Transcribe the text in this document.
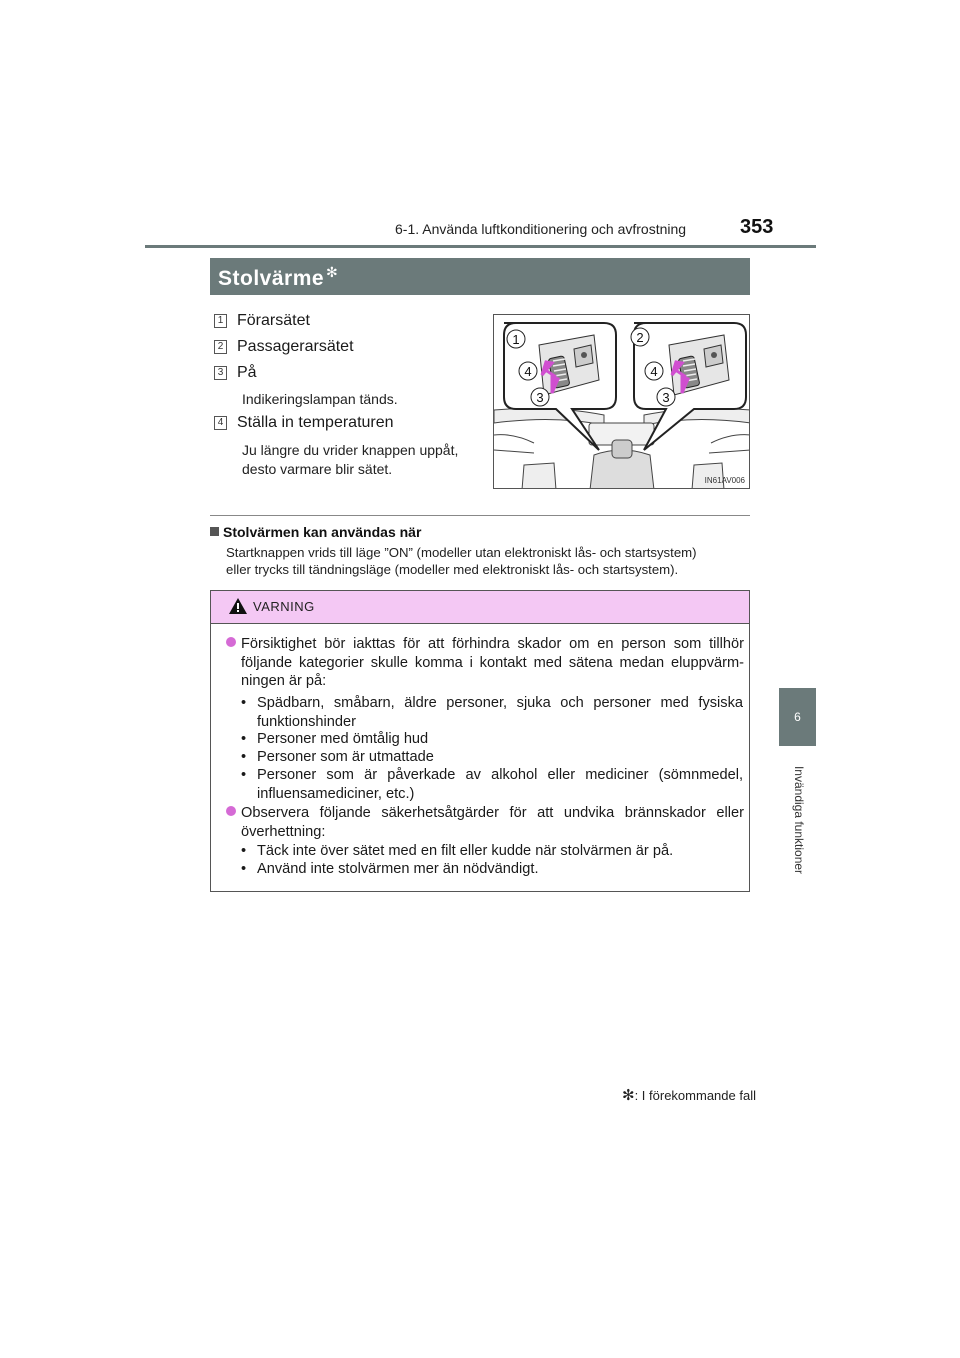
6-1. Använda luftkonditionering och avfrostning	353
6
Invändiga funktioner
Stolvärme ✻
1 Förarsätet
2 Passagerarsätet
3 På
Indikeringslampan tänds.
4 Ställa in temperaturen
Ju längre du vrider knappen uppåt,
desto varmare blir sätet.
1	2
4
3
4
3
IN61AV006
Stolvärmen kan användas när
Startknappen vrids till läge ”ON” (modeller utan elektroniskt lås- och startsystem)
eller trycks till tändningsläge (modeller med elektroniskt lås- och startsystem).
VARNING
Försiktighet bör iakttas för att förhindra skador om en person som tillhör
följande kategorier skulle komma i kontakt med sätena medan eluppvärm-
ningen är på:
• Spädbarn, småbarn, äldre personer, sjuka och personer med fysiska
funktionshinder
• Personer med ömtålig hud
• Personer som är utmattade
• Personer som är påverkade av alkohol eller mediciner (sömnmedel,
influensamediciner, etc.)
Observera följande säkerhetsåtgärder för att undvika brännskador eller
överhettning:
• Täck inte över sätet med en filt eller kudde när stolvärmen är på.
• Använd inte stolvärmen mer än nödvändigt.
✻: I förekommande fall
